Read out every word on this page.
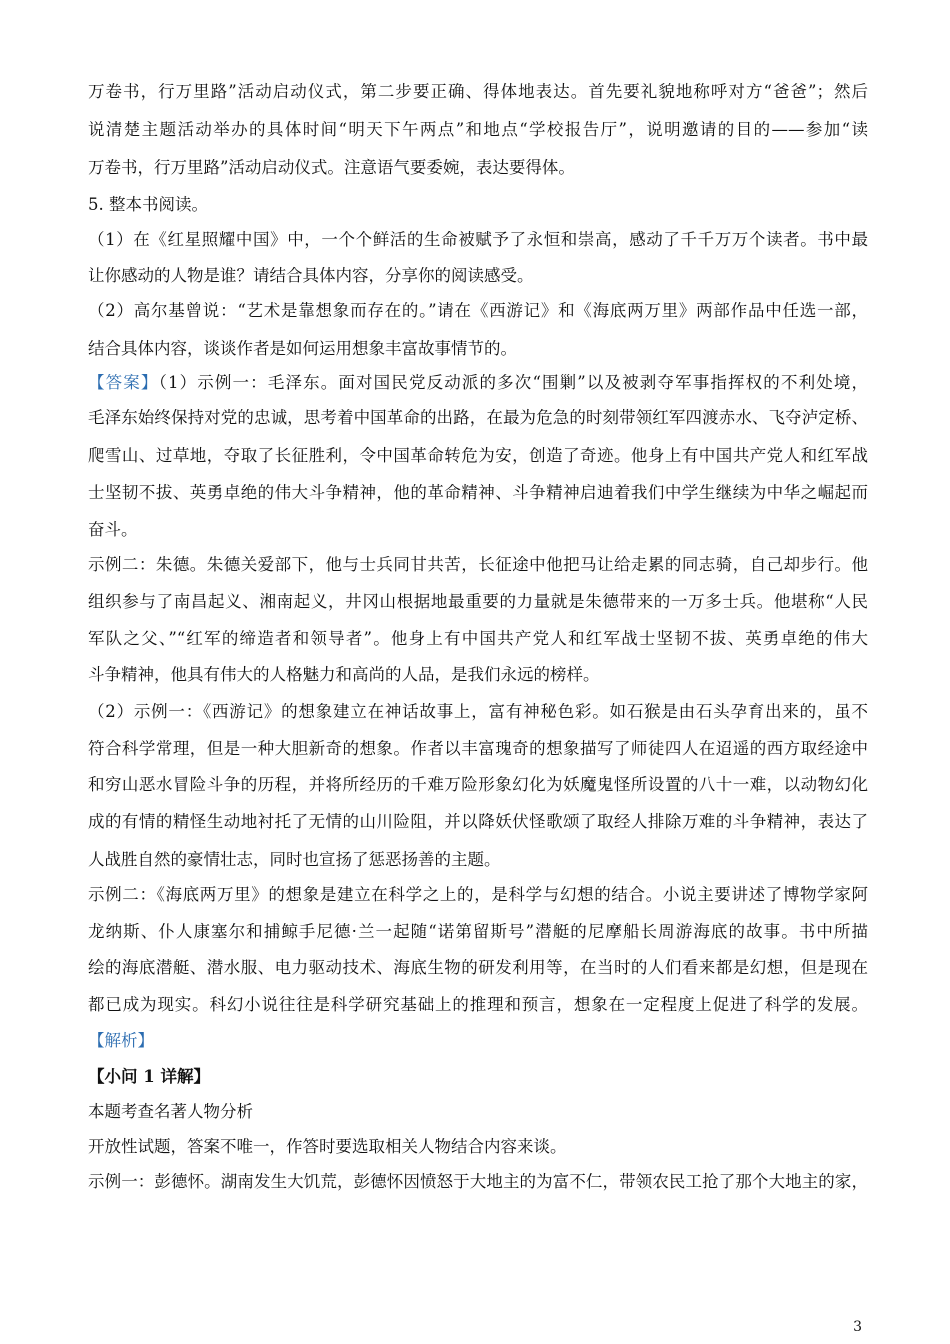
万卷书，行万里路”活动启动仪式，第二步要正确、得体地表达。首先要礼貌地称呼对方“爸爸”；然后
说清楚主题活动举办的具体时间“明天下午两点”和地点“学校报告厅”，说明邀请的目的——参加“读
万卷书，行万里路”活动启动仪式。注意语气要委婉，表达要得体。
5. 整本书阅读。
（1）在《红星照耀中国》中，一个个鲜活的生命被赋予了永恒和崇高，感动了千千万万个读者。书中最
让你感动的人物是谁？请结合具体内容，分享你的阅读感受。
（2）高尔基曾说：“艺术是靠想象而存在的。”请在《西游记》和《海底两万里》两部作品中任选一部，
结合具体内容，谈谈作者是如何运用想象丰富故事情节的。
【答案】（1）示例一：毛泽东。面对国民党反动派的多次“围剿”以及被剥夺军事指挥权的不利处境，
毛泽东始终保持对党的忠诚，思考着中国革命的出路，在最为危急的时刻带领红军四渡赤水、飞夺泸定桥、
爬雪山、过草地，夺取了长征胜利，令中国革命转危为安，创造了奇迹。他身上有中国共产党人和红军战
士坚韧不拔、英勇卓绝的伟大斗争精神，他的革命精神、斗争精神启迪着我们中学生继续为中华之崛起而
奋斗。
示例二：朱德。朱德关爱部下，他与士兵同甘共苦，长征途中他把马让给走累的同志骑，自己却步行。他
组织参与了南昌起义、湘南起义，井冈山根据地最重要的力量就是朱德带来的一万多士兵。他堪称“人民
军队之父、”“红军的缔造者和领导者”。他身上有中国共产党人和红军战士坚韧不拔、英勇卓绝的伟大
斗争精神，他具有伟大的人格魅力和高尚的人品，是我们永远的榜样。
（2）示例一：《西游记》的想象建立在神话故事上，富有神秘色彩。如石猴是由石头孕育出来的，虽不
符合科学常理，但是一种大胆新奇的想象。作者以丰富瑰奇的想象描写了师徒四人在迢遥的西方取经途中
和穷山恶水冒险斗争的历程，并将所经历的千难万险形象幻化为妖魔鬼怪所设置的八十一难，以动物幻化
成的有情的精怪生动地衬托了无情的山川险阻，并以降妖伏怪歌颂了取经人排除万难的斗争精神，表达了
人战胜自然的豪情壮志，同时也宣扬了惩恶扬善的主题。
示例二：《海底两万里》的想象是建立在科学之上的，是科学与幻想的结合。小说主要讲述了博物学家阿
龙纳斯、仆人康塞尔和捕鲸手尼德·兰一起随“诺第留斯号”潜艇的尼摩船长周游海底的故事。书中所描
绘的海底潜艇、潜水服、电力驱动技术、海底生物的研发利用等，在当时的人们看来都是幻想，但是现在
都已成为现实。科幻小说往往是科学研究基础上的推理和预言，想象在一定程度上促进了科学的发展。
【解析】
【小问 1 详解】
本题考查名著人物分析
开放性试题，答案不唯一，作答时要选取相关人物结合内容来谈。
示例一：彭德怀。湖南发生大饥荒，彭德怀因愤怒于大地主的为富不仁，带领农民工抢了那个大地主的家，
3
